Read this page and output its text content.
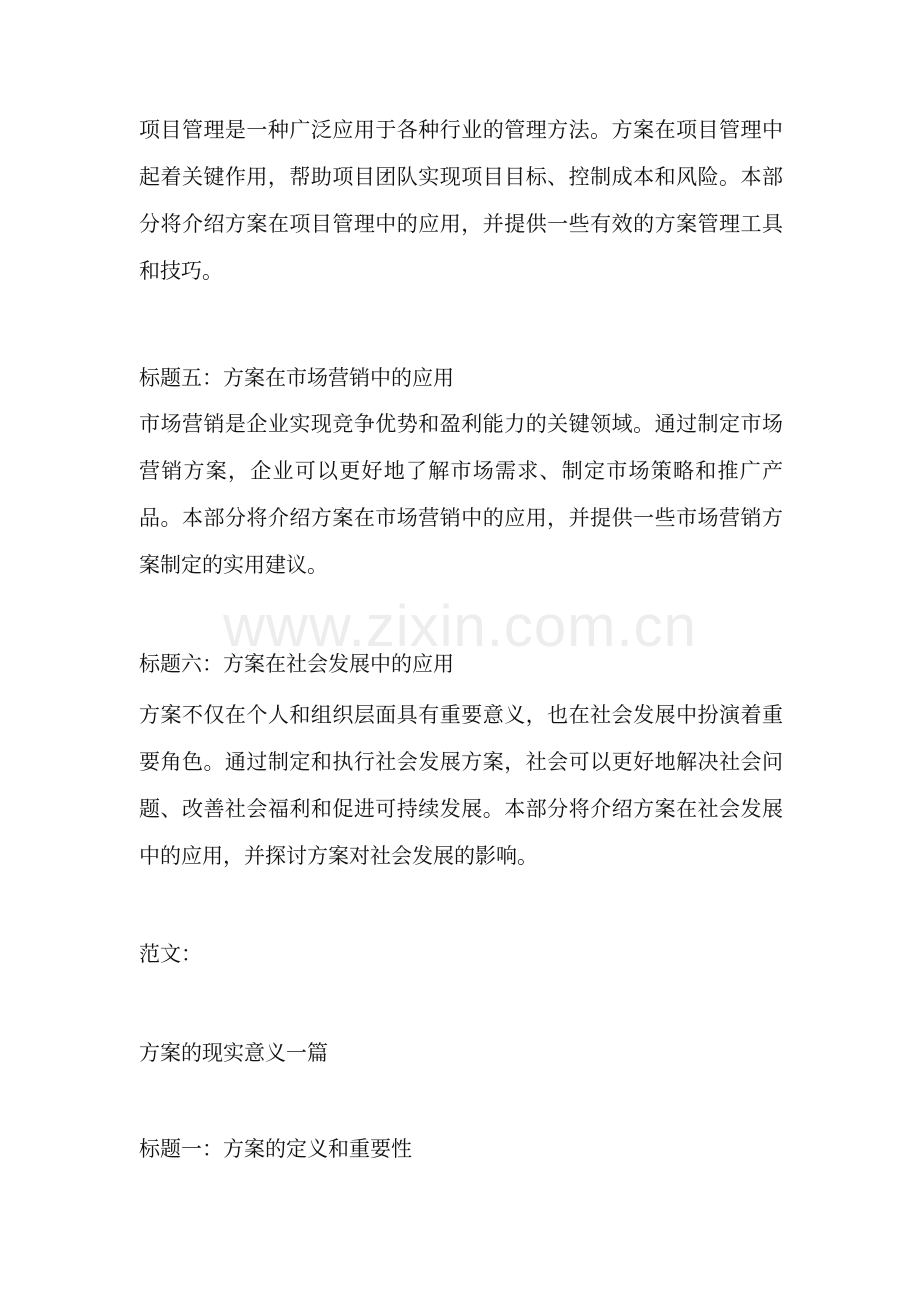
www.zixin.com.cn

项目管理是一种广泛应用于各种行业的管理方法。方案在项目管理中起着关键作用，帮助项目团队实现项目目标、控制成本和风险。本部分将介绍方案在项目管理中的应用，并提供一些有效的方案管理工具和技巧。

标题五：方案在市场营销中的应用

市场营销是企业实现竞争优势和盈利能力的关键领域。通过制定市场营销方案，企业可以更好地了解市场需求、制定市场策略和推广产品。本部分将介绍方案在市场营销中的应用，并提供一些市场营销方案制定的实用建议。

标题六：方案在社会发展中的应用

方案不仅在个人和组织层面具有重要意义，也在社会发展中扮演着重要角色。通过制定和执行社会发展方案，社会可以更好地解决社会问题、改善社会福利和促进可持续发展。本部分将介绍方案在社会发展中的应用，并探讨方案对社会发展的影响。

范文：

方案的现实意义一篇

标题一：方案的定义和重要性
